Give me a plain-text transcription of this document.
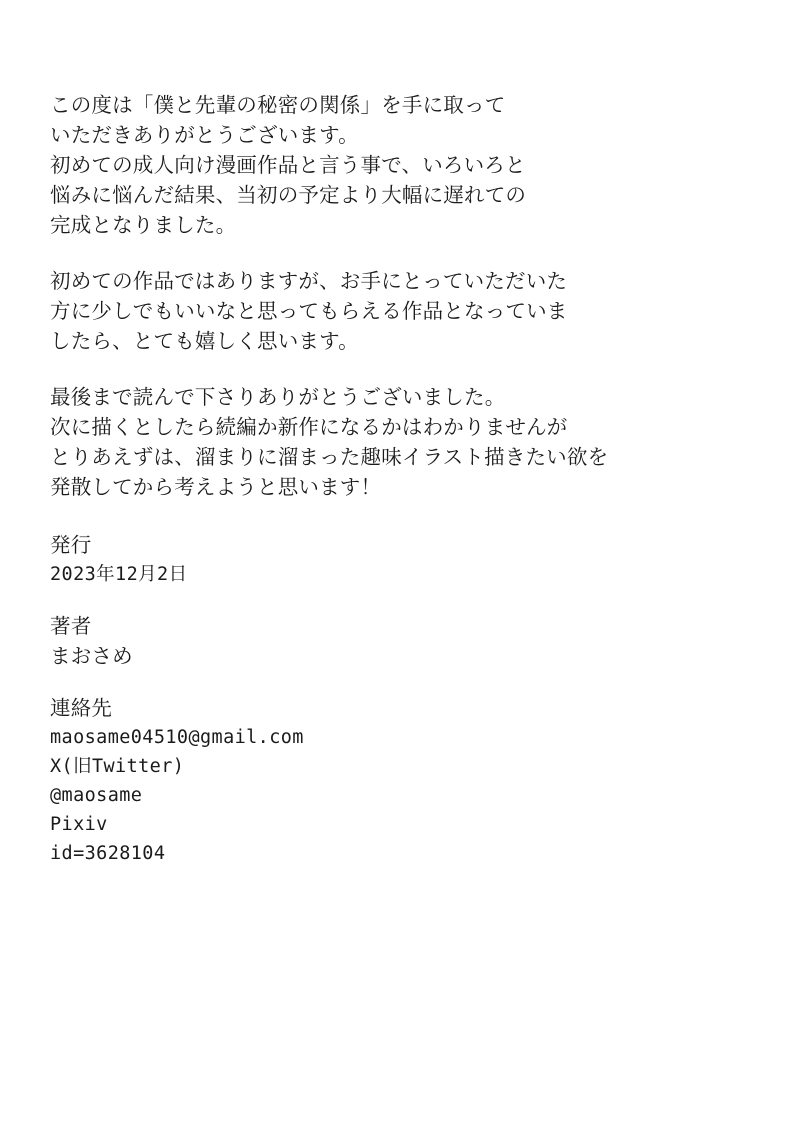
この度は「僕と先輩の秘密の関係」を手に取って
いただきありがとうございます。
初めての成人向け漫画作品と言う事で、いろいろと
悩みに悩んだ結果、当初の予定より大幅に遅れての
完成となりました。
初めての作品ではありますが、お手にとっていただいた
方に少しでもいいなと思ってもらえる作品となっていま
したら、とても嬉しく思います。
最後まで読んで下さりありがとうございました。
次に描くとしたら続編か新作になるかはわかりませんが
とりあえずは、溜まりに溜まった趣味イラスト描きたい欲を
発散してから考えようと思います！
発行
2023年12月2日
著者
まおさめ
連絡先
maosame04510@gmail.com
X(旧Twitter)
@maosame
Pixiv
id=3628104
